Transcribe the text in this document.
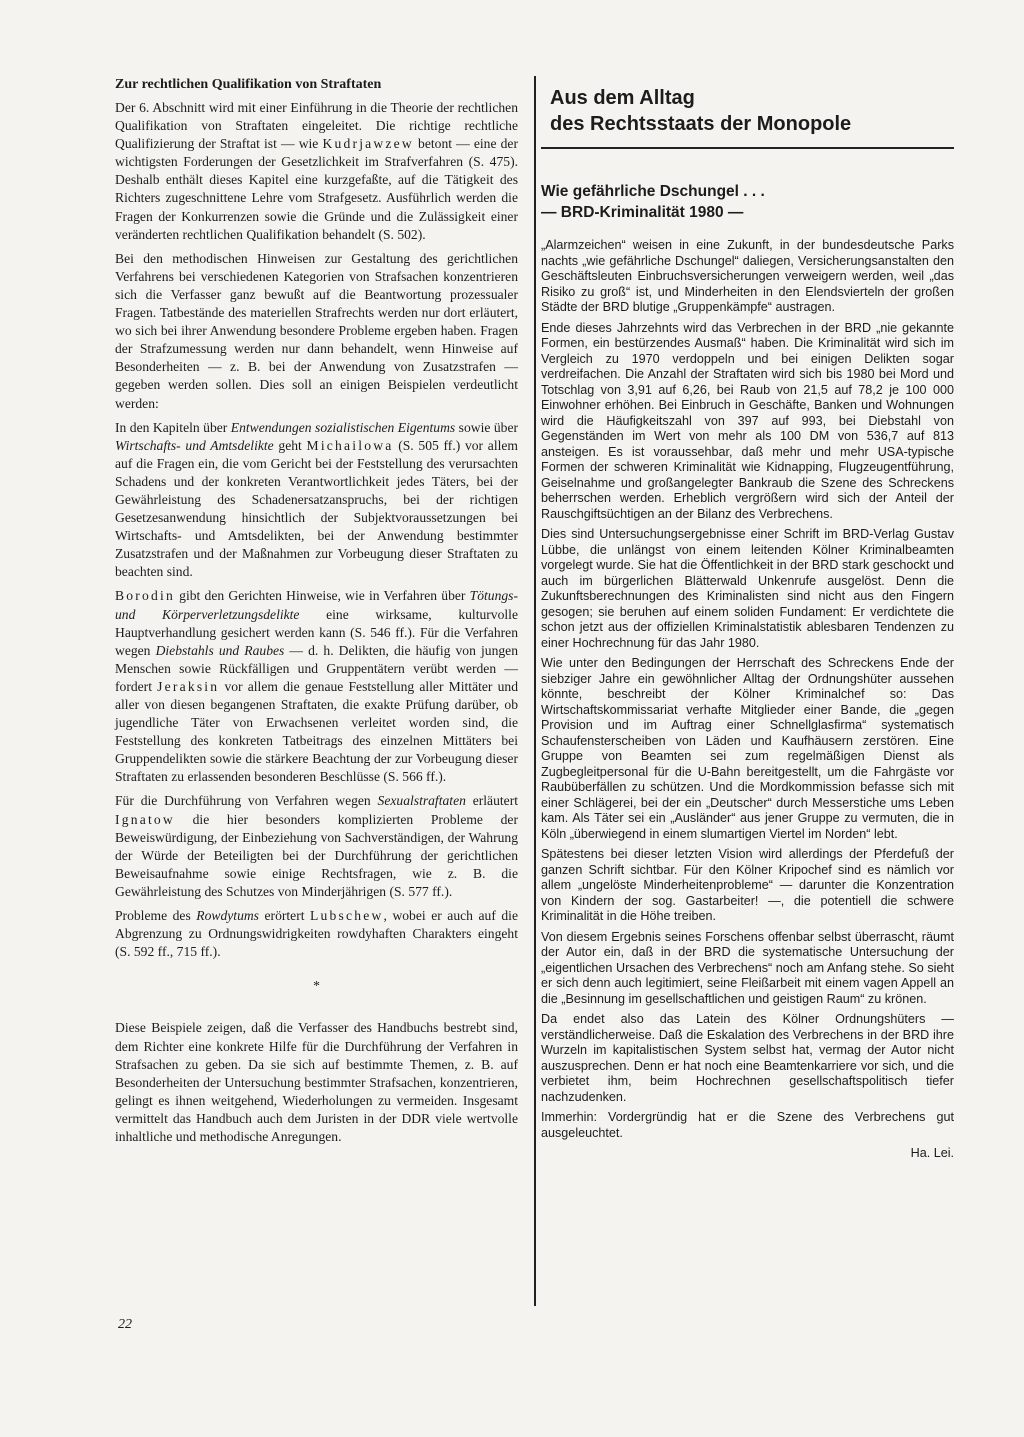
Zur rechtlichen Qualifikation von Straftaten

Der 6. Abschnitt wird mit einer Einführung in die Theorie der rechtlichen Qualifikation von Straftaten eingeleitet. Die richtige rechtliche Qualifizierung der Straftat ist — wie Kudrjawzew betont — eine der wichtigsten Forderungen der Gesetzlichkeit im Strafverfahren (S. 475). Deshalb enthält dieses Kapitel eine kurzgefaßte, auf die Tätigkeit des Richters zugeschnittene Lehre vom Strafgesetz. Ausführlich werden die Fragen der Konkurrenzen sowie die Gründe und die Zulässigkeit einer veränderten rechtlichen Qualifikation behandelt (S. 502).

Bei den methodischen Hinweisen zur Gestaltung des gerichtlichen Verfahrens bei verschiedenen Kategorien von Strafsachen konzentrieren sich die Verfasser ganz bewußt auf die Beantwortung prozessualer Fragen. Tatbestände des materiellen Strafrechts werden nur dort erläutert, wo sich bei ihrer Anwendung besondere Probleme ergeben haben. Fragen der Strafzumessung werden nur dann behandelt, wenn Hinweise auf Besonderheiten — z. B. bei der Anwendung von Zusatzstrafen — gegeben werden sollen. Dies soll an einigen Beispielen verdeutlicht werden:

In den Kapiteln über Entwendungen sozialistischen Eigentums sowie über Wirtschafts- und Amtsdelikte geht Michailowa (S. 505 ff.) vor allem auf die Fragen ein, die vom Gericht bei der Feststellung des verursachten Schadens und der konkreten Verantwortlichkeit jedes Täters, bei der Gewährleistung des Schadenersatzanspruchs, bei der richtigen Gesetzesanwendung hinsichtlich der Subjektvoraussetzungen bei Wirtschafts- und Amtsdelikten, bei der Anwendung bestimmter Zusatzstrafen und der Maßnahmen zur Vorbeugung dieser Straftaten zu beachten sind.

Borodin gibt den Gerichten Hinweise, wie in Verfahren über Tötungs- und Körperverletzungsdelikte eine wirksame, kulturvolle Hauptverhandlung gesichert werden kann (S. 546 ff.). Für die Verfahren wegen Diebstahls und Raubes — d. h. Delikten, die häufig von jungen Menschen sowie Rückfälligen und Gruppentätern verübt werden — fordert Jeraksin vor allem die genaue Feststellung aller Mittäter und aller von diesen begangenen Straftaten, die exakte Prüfung darüber, ob jugendliche Täter von Erwachsenen verleitet worden sind, die Feststellung des konkreten Tatbeitrags des einzelnen Mittäters bei Gruppendelikten sowie die stärkere Beachtung der zur Vorbeugung dieser Straftaten zu erlassenden besonderen Beschlüsse (S. 566 ff.).

Für die Durchführung von Verfahren wegen Sexualstraftaten erläutert Ignatow die hier besonders komplizierten Probleme der Beweiswürdigung, der Einbeziehung von Sachverständigen, der Wahrung der Würde der Beteiligten bei der Durchführung der gerichtlichen Beweisaufnahme sowie einige Rechtsfragen, wie z. B. die Gewährleistung des Schutzes von Minderjährigen (S. 577 ff.).

Probleme des Rowdytums erörtert Lubschew, wobei er auch auf die Abgrenzung zu Ordnungswidrigkeiten rowdyhaften Charakters eingeht (S. 592 ff., 715 ff.).

*

Diese Beispiele zeigen, daß die Verfasser des Handbuchs bestrebt sind, dem Richter eine konkrete Hilfe für die Durchführung der Verfahren in Strafsachen zu geben. Da sie sich auf bestimmte Themen, z. B. auf Besonderheiten der Untersuchung bestimmter Strafsachen, konzentrieren, gelingt es ihnen weitgehend, Wiederholungen zu vermeiden. Insgesamt vermittelt das Handbuch auch dem Juristen in der DDR viele wertvolle inhaltliche und methodische Anregungen.

22
Aus dem Alltag
des Rechtsstaats der Monopole
Wie gefährliche Dschungel . . .
— BRD-Kriminalität 1980 —

„Alarmzeichen“ weisen in eine Zukunft, in der bundesdeutsche Parks nachts „wie gefährliche Dschungel“ daliegen, Versicherungsanstalten den Geschäftsleuten Einbruchsversicherungen verweigern werden, weil „das Risiko zu groß“ ist, und Minderheiten in den Elendsvierteln der großen Städte der BRD blutige „Gruppenkämpfe“ austragen.

Ende dieses Jahrzehnts wird das Verbrechen in der BRD „nie gekannte Formen, ein bestürzendes Ausmaß“ haben. Die Kriminalität wird sich im Vergleich zu 1970 verdoppeln und bei einigen Delikten sogar verdreifachen. Die Anzahl der Straftaten wird sich bis 1980 bei Mord und Totschlag von 3,91 auf 6,26, bei Raub von 21,5 auf 78,2 je 100 000 Einwohner erhöhen. Bei Einbruch in Geschäfte, Banken und Wohnungen wird die Häufigkeitszahl von 397 auf 993, bei Diebstahl von Gegenständen im Wert von mehr als 100 DM von 536,7 auf 813 ansteigen. Es ist voraussehbar, daß mehr und mehr USA-typische Formen der schweren Kriminalität wie Kidnapping, Flugzeugentführung, Geiselnahme und großangelegter Bankraub die Szene des Schreckens beherrschen werden. Erheblich vergrößern wird sich der Anteil der Rauschgiftsüchtigen an der Bilanz des Verbrechens.

Dies sind Untersuchungsergebnisse einer Schrift im BRD-Verlag Gustav Lübbe, die unlängst von einem leitenden Kölner Kriminalbeamten vorgelegt wurde. Sie hat die Öffentlichkeit in der BRD stark geschockt und auch im bürgerlichen Blätterwald Unkenrufe ausgelöst. Denn die Zukunftsberechnungen des Kriminalisten sind nicht aus den Fingern gesogen; sie beruhen auf einem soliden Fundament: Er verdichtete die schon jetzt aus der offiziellen Kriminalstatistik ablesbaren Tendenzen zu einer Hochrechnung für das Jahr 1980.

Wie unter den Bedingungen der Herrschaft des Schreckens Ende der siebziger Jahre ein gewöhnlicher Alltag der Ordnungshüter aussehen könnte, beschreibt der Kölner Kriminalchef so: Das Wirtschaftskommissariat verhafte Mitglieder einer Bande, die „gegen Provision und im Auftrag einer Schnellglasfirma“ systematisch Schaufensterscheiben von Läden und Kaufhäusern zerstören. Eine Gruppe von Beamten sei zum regelmäßigen Dienst als Zugbegleitpersonal für die U-Bahn bereitgestellt, um die Fahrgäste vor Raubüberfällen zu schützen. Und die Mordkommission befasse sich mit einer Schlägerei, bei der ein „Deutscher“ durch Messerstiche ums Leben kam. Als Täter sei ein „Ausländer“ aus jener Gruppe zu vermuten, die in Köln „überwiegend in einem slumartigen Viertel im Norden“ lebt.

Spätestens bei dieser letzten Vision wird allerdings der Pferdefuß der ganzen Schrift sichtbar. Für den Kölner Kripochef sind es nämlich vor allem „ungelöste Minderheitenprobleme“ — darunter die Konzentration von Kindern der sog. Gastarbeiter! —, die potentiell die schwere Kriminalität in die Höhe treiben.

Von diesem Ergebnis seines Forschens offenbar selbst überrascht, räumt der Autor ein, daß in der BRD die systematische Untersuchung der „eigentlichen Ursachen des Verbrechens“ noch am Anfang stehe. So sieht er sich denn auch legitimiert, seine Fleißarbeit mit einem vagen Appell an die „Besinnung im gesellschaftlichen und geistigen Raum“ zu krönen.

Da endet also das Latein des Kölner Ordnungshüters — verständlicherweise. Daß die Eskalation des Verbrechens in der BRD ihre Wurzeln im kapitalistischen System selbst hat, vermag der Autor nicht auszusprechen. Denn er hat noch eine Beamtenkarriere vor sich, und die verbietet ihm, beim Hochrechnen gesellschaftspolitisch tiefer nachzudenken.

Immerhin: Vordergründig hat er die Szene des Verbrechens gut ausgeleuchtet.

Ha. Lei.
